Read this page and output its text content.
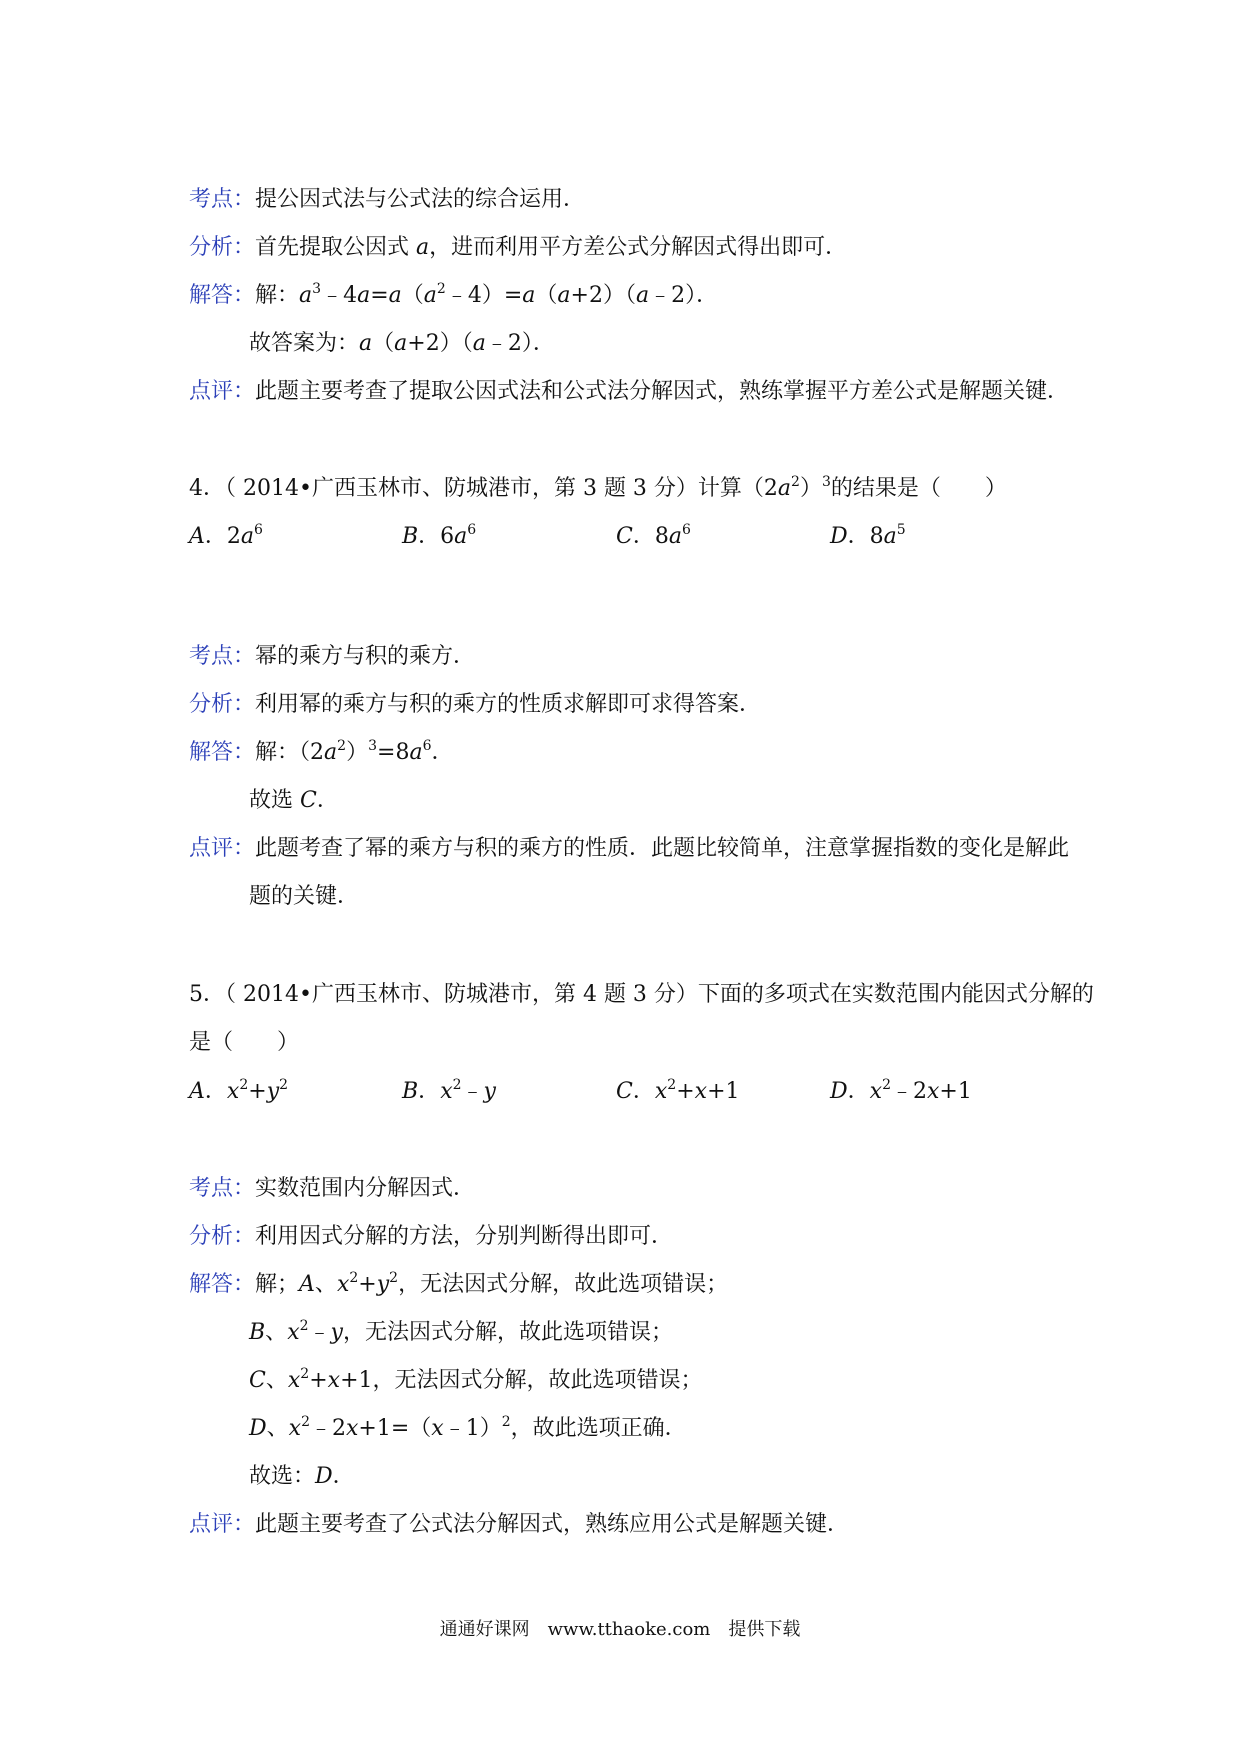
考点：提公因式法与公式法的综合运用．
分析：首先提取公因式 a，进而利用平方差公式分解因式得出即可．
解答：解：$a^3﹣4a=a(a^2﹣4)=a(a+2)(a﹣2)$．
故答案为：a（a+2）（a﹣2）．
点评：此题主要考查了提取公因式法和公式法分解因式，熟练掌握平方差公式是解题关键．
4．（ 2014•广西玉林市、防城港市，第 3 题 3 分）计算$(2a^2)^3$的结果是（　　）
A．$2a^6$	B．$6a^6$	C．$8a^6$	D．$8a^5$
考点：幂的乘方与积的乘方．
分析：利用幂的乘方与积的乘方的性质求解即可求得答案．
解答：解：$(2a^2)^3=8a^6$．
故选 C．
点评：此题考查了幂的乘方与积的乘方的性质．此题比较简单，注意掌握指数的变化是解此
题的关键．
5．（ 2014•广西玉林市、防城港市，第 4 题 3 分）下面的多项式在实数范围内能因式分解的
是（　　）
A．$x^2+y^2$	B．$x^2﹣y$	C．$x^2+x+1$	D．$x^2﹣2x+1$
考点：实数范围内分解因式．
分析：利用因式分解的方法，分别判断得出即可．
解答：解；A、$x^2+y^2$，无法因式分解，故此选项错误；
B、$x^2﹣y$，无法因式分解，故此选项错误；
C、$x^2+x+1$，无法因式分解，故此选项错误；
D、$x^2﹣2x+1=(x﹣1)^2$，故此选项正确．
故选：D．
点评：此题主要考查了公式法分解因式，熟练应用公式是解题关键．
通通好课网　www.tthaoke.com　提供下载
